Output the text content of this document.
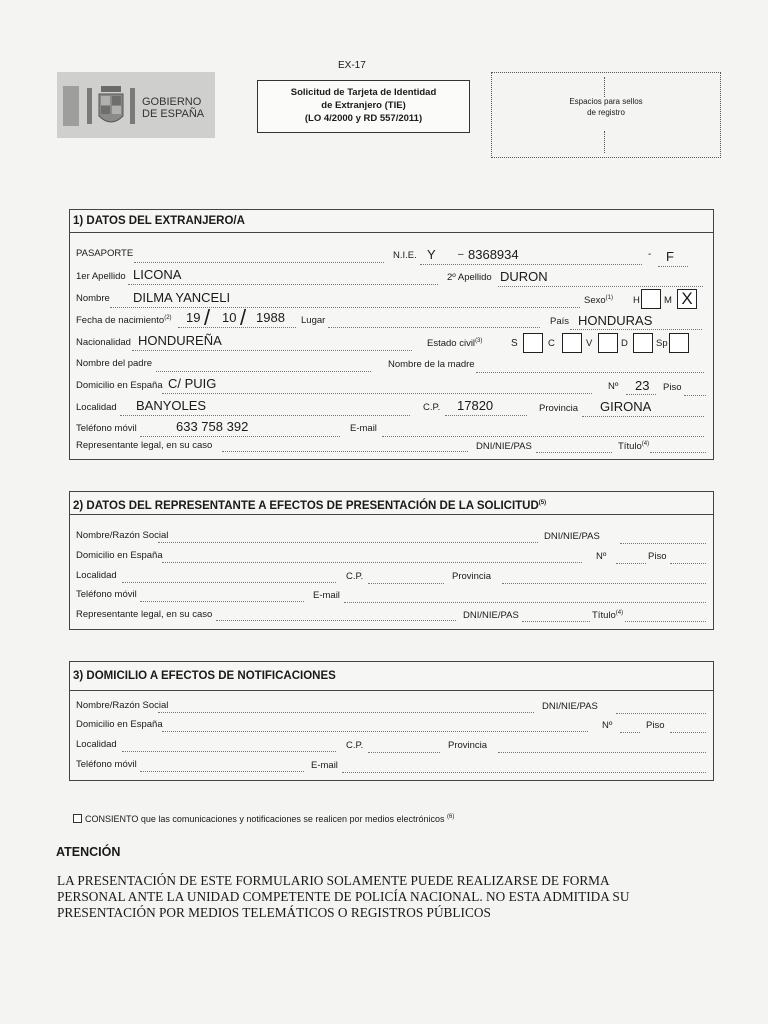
EX-17
GOBIERNO
DE ESPAÑA
Solicitud de Tarjeta de Identidad
de Extranjero (TIE)
(LO 4/2000 y RD 557/2011)
Espacios para sellos
de registro
1) DATOS DEL EXTRANJERO/A
PASAPORTE	N.I.E. Y – 8368934	- F
1er Apellido LICONA	2º Apellido DURON
Nombre DILMA YANCELI	Sexo$^{(1)}$ H	M X
Fecha de nacimiento$^{(2)}$ 19 / 10 / 1988 Lugar	País HONDURAS
Nacionalidad HONDUREÑA	Estado civil$^{(3)}$	S	C	V	D	Sp
Nombre del padre	Nombre de la madre
Domicilio en España C/ PUIG	Nº 23 Piso
Localidad BANYOLES	C.P. 17820	Provincia GIRONA
Teléfono móvil	633 758 392	E-mail
Representante legal, en su caso	DNI/NIE/PAS	Título$^{(4)}$
2) DATOS DEL REPRESENTANTE A EFECTOS DE PRESENTACIÓN DE LA SOLICITUD$^{(5)}$
Nombre/Razón Social	DNI/NIE/PAS
Domicilio en España	Nº	Piso
Localidad	C.P.	Provincia
Teléfono móvil	E-mail
Representante legal, en su caso	DNI/NIE/PAS	Título$^{(4)}$
3) DOMICILIO A EFECTOS DE NOTIFICACIONES
Nombre/Razón Social	DNI/NIE/PAS
Domicilio en España	Nº	Piso
Localidad	C.P.	Provincia
Teléfono móvil	E-mail
CONSIENTO que las comunicaciones y notificaciones se realicen por medios electrónicos $^{(6)}$
ATENCIÓN
LA PRESENTACIÓN DE ESTE FORMULARIO SOLAMENTE PUEDE REALIZARSE DE FORMA
PERSONAL ANTE LA UNIDAD COMPETENTE DE POLICÍA NACIONAL. NO ESTA ADMITIDA SU
PRESENTACIÓN POR MEDIOS TELEMÁTICOS O REGISTROS PÚBLICOS
